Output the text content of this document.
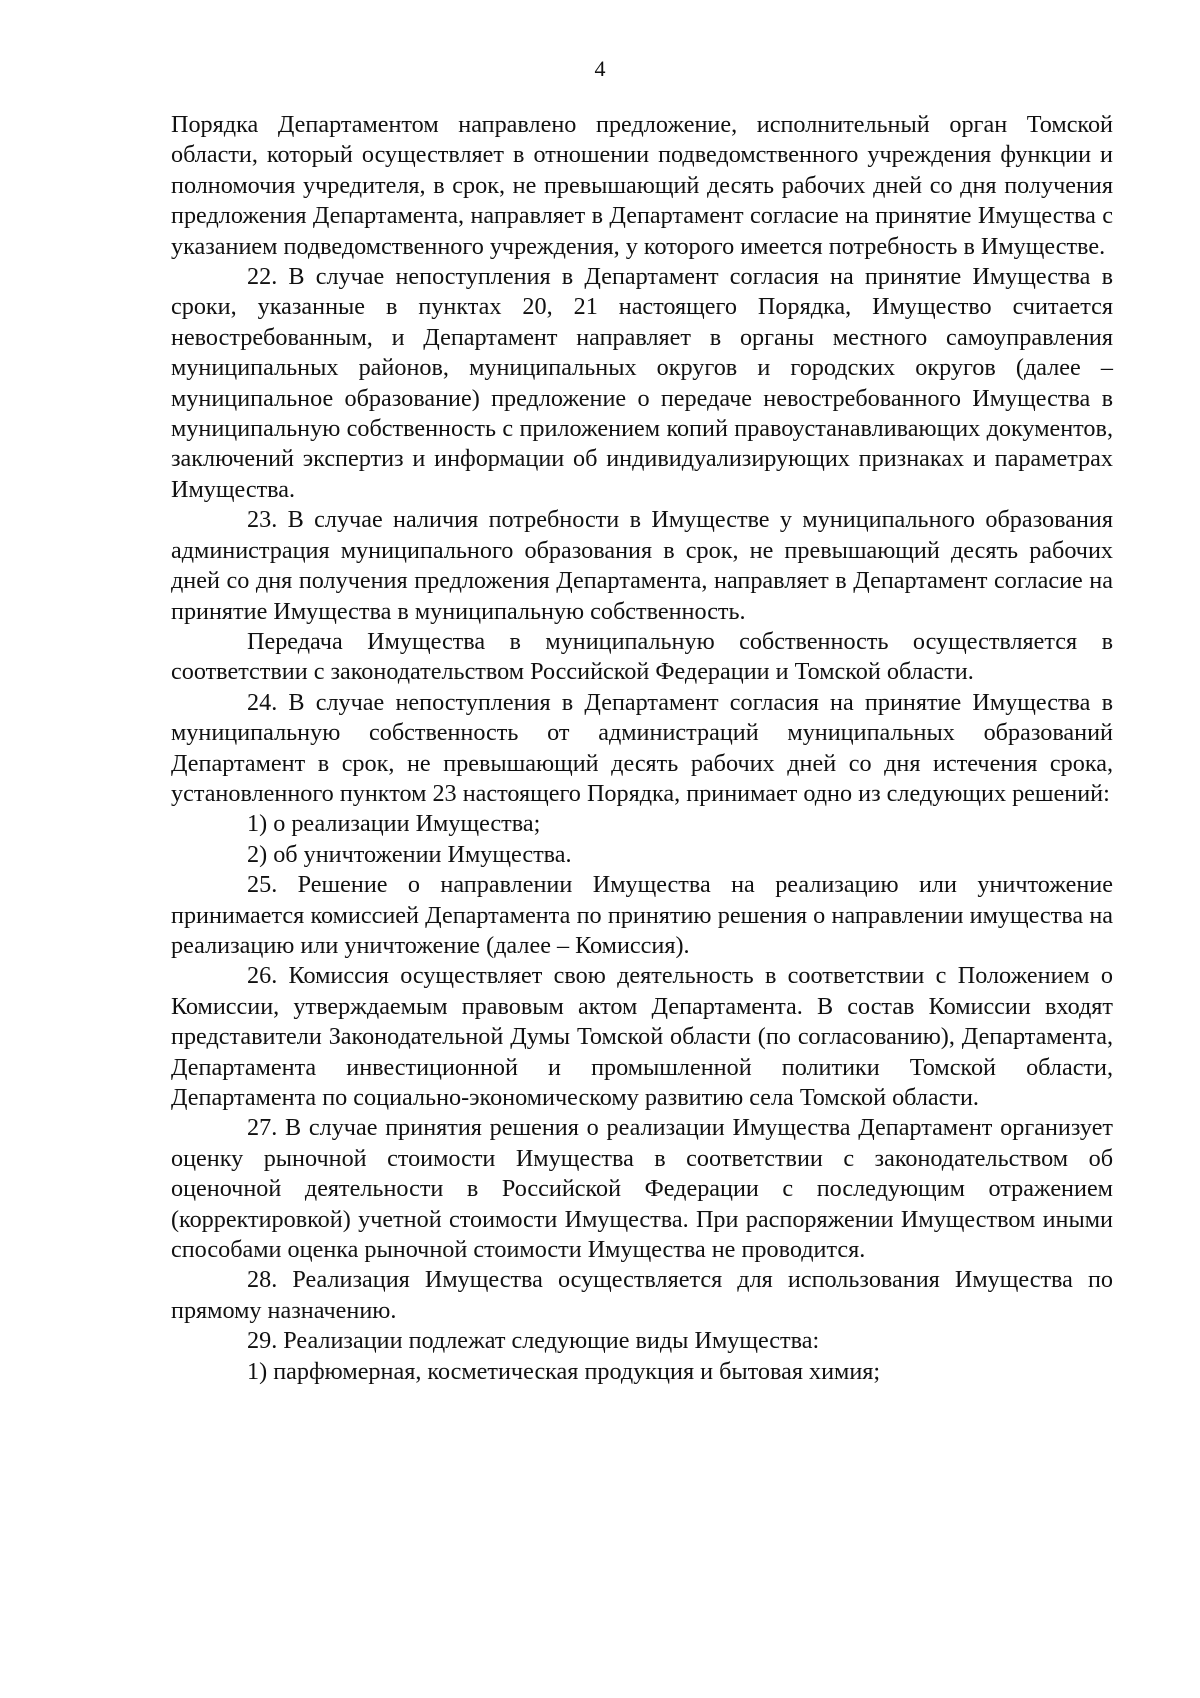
4

Порядка Департаментом направлено предложение, исполнительный орган Томской области, который осуществляет в отношении подведомственного учреждения функции и полномочия учредителя, в срок, не превышающий десять рабочих дней со дня получения предложения Департамента, направляет в Департамент согласие на принятие Имущества с указанием подведомственного учреждения, у которого имеется потребность в Имуществе.

22. В случае непоступления в Департамент согласия на принятие Имущества в сроки, указанные в пунктах 20, 21 настоящего Порядка, Имущество считается невостребованным, и Департамент направляет в органы местного самоуправления муниципальных районов, муниципальных округов и городских округов (далее – муниципальное образование) предложение о передаче невостребованного Имущества в муниципальную собственность с приложением копий правоустанавливающих документов, заключений экспертиз и информации об индивидуализирующих признаках и параметрах Имущества.

23. В случае наличия потребности в Имуществе у муниципального образования администрация муниципального образования в срок, не превышающий десять рабочих дней со дня получения предложения Департамента, направляет в Департамент согласие на принятие Имущества в муниципальную собственность.

Передача Имущества в муниципальную собственность осуществляется в соответствии с законодательством Российской Федерации и Томской области.

24. В случае непоступления в Департамент согласия на принятие Имущества в муниципальную собственность от администраций муниципальных образований Департамент в срок, не превышающий десять рабочих дней со дня истечения срока, установленного пунктом 23 настоящего Порядка, принимает одно из следующих решений:

1) о реализации Имущества;

2) об уничтожении Имущества.

25. Решение о направлении Имущества на реализацию или уничтожение принимается комиссией Департамента по принятию решения о направлении имущества на реализацию или уничтожение (далее – Комиссия).

26. Комиссия осуществляет свою деятельность в соответствии с Положением о Комиссии, утверждаемым правовым актом Департамента. В состав Комиссии входят представители Законодательной Думы Томской области (по согласованию), Департамента, Департамента инвестиционной и промышленной политики Томской области, Департамента по социально-экономическому развитию села Томской области.

27. В случае принятия решения о реализации Имущества Департамент организует оценку рыночной стоимости Имущества в соответствии с законодательством об оценочной деятельности в Российской Федерации с последующим отражением (корректировкой) учетной стоимости Имущества. При распоряжении Имуществом иными способами оценка рыночной стоимости Имущества не проводится.

28. Реализация Имущества осуществляется для использования Имущества по прямому назначению.

29. Реализации подлежат следующие виды Имущества:

1) парфюмерная, косметическая продукция и бытовая химия;
